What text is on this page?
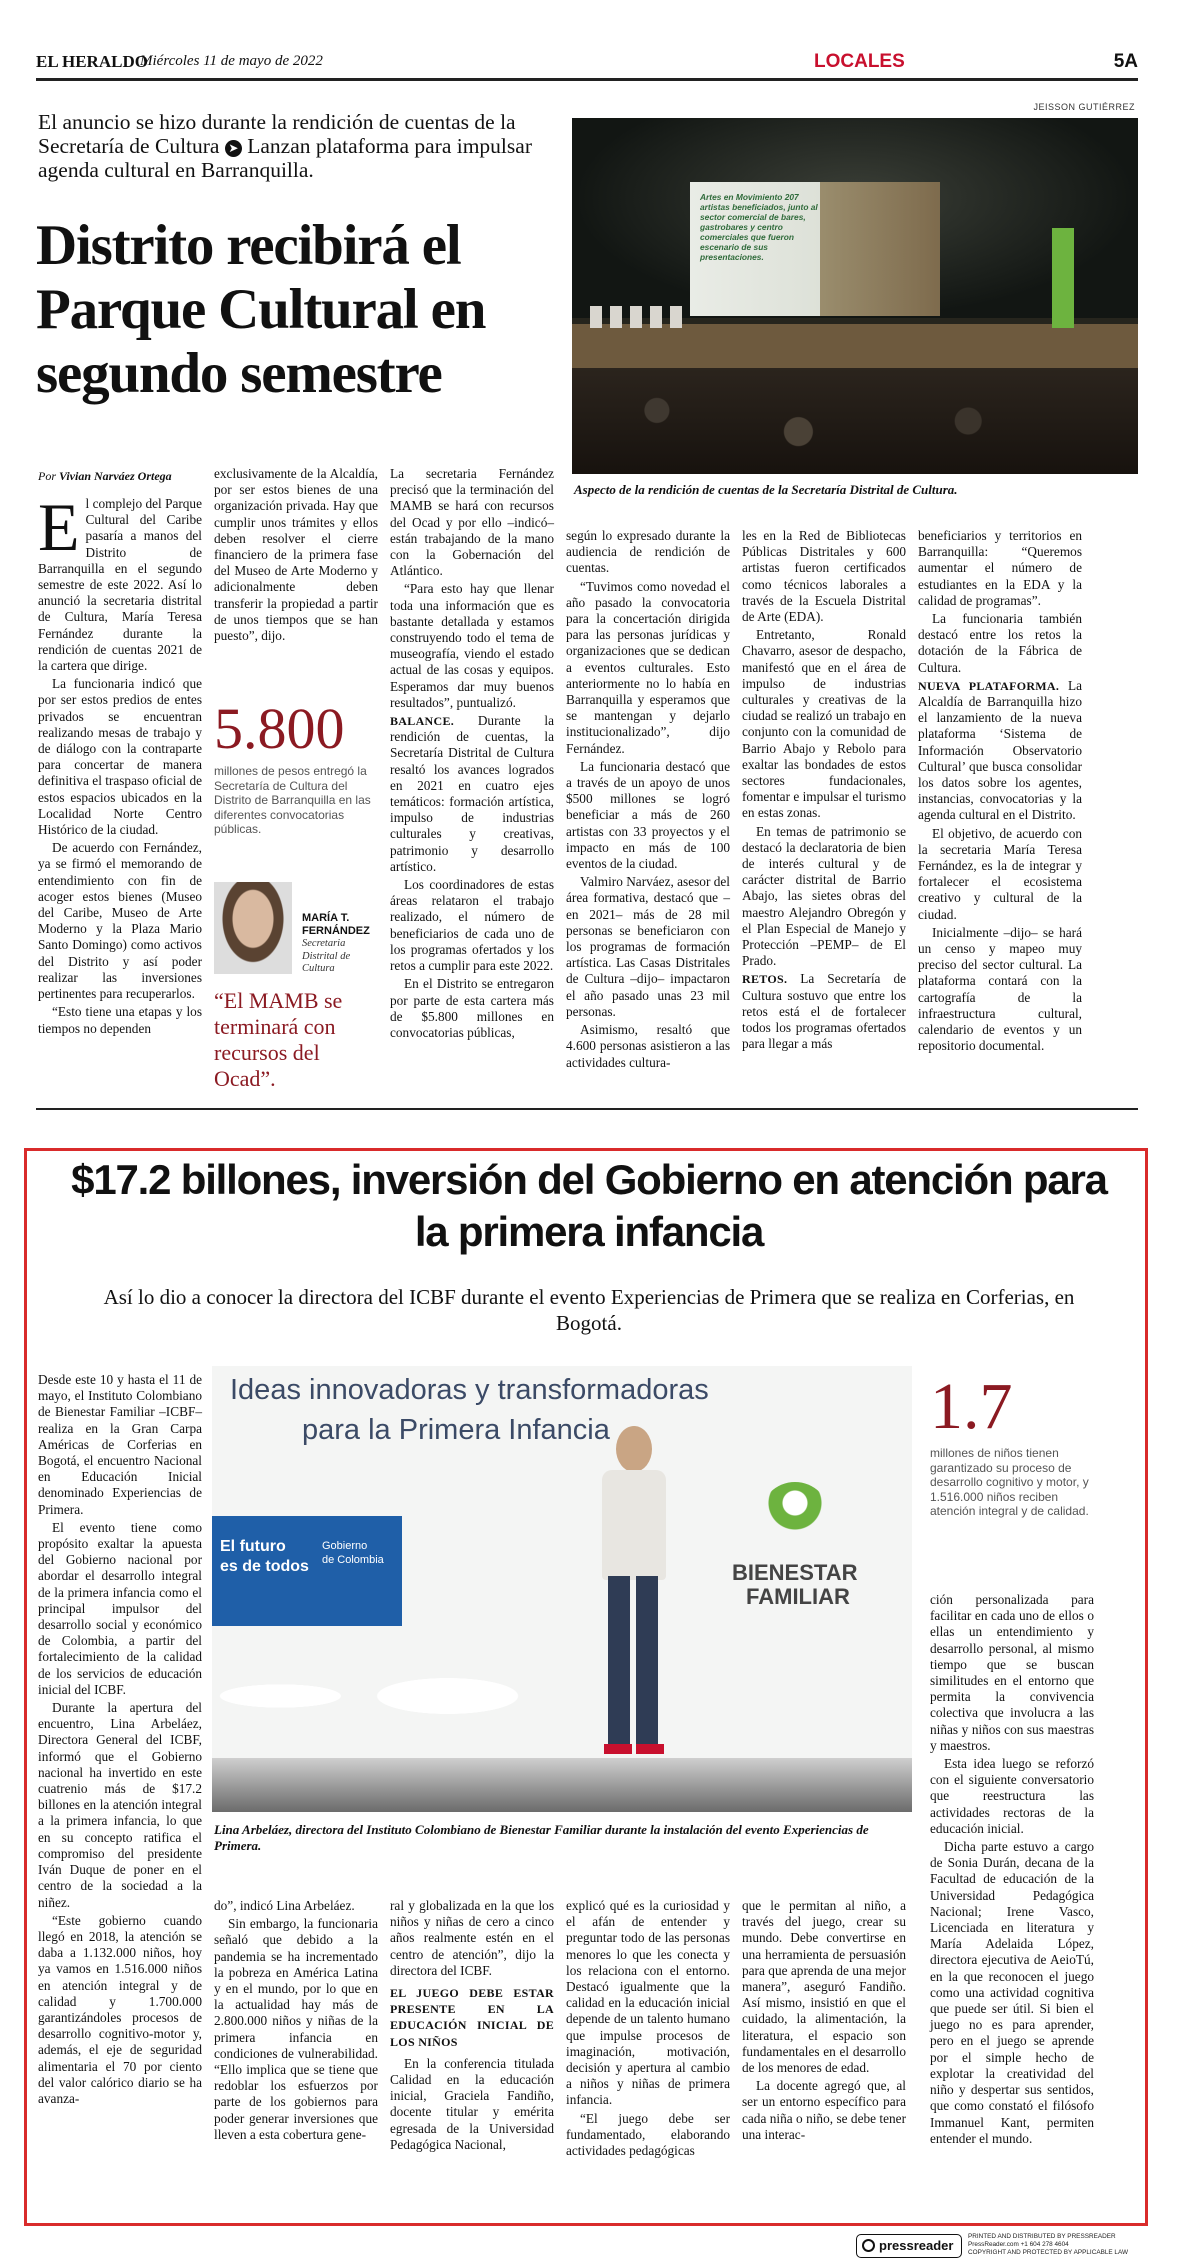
EL HERALDO
Miércoles 11 de mayo de 2022	LOCALES	5A
El anuncio se hizo durante la rendición de cuentas de la Secretaría de Cultura ➤ Lanzan plataforma para impulsar agenda cultural en Barranquilla.
Distrito recibirá el Parque Cultural en segundo semestre
JEISSON GUTIÉRREZ
Artes en Movimiento 207 artistas beneficiados, junto al sector comercial de bares, gastrobares y centro comerciales que fueron escenario de sus presentaciones.
Aspecto de la rendición de cuentas de la Secretaría Distrital de Cultura.
Por Vivian Narváez Ortega
E l complejo del Parque Cultural del Caribe pasaría a manos del Distrito de Barranquilla en el segundo semestre de este 2022. Así lo anunció la secretaria distrital de Cultura, María Teresa Fernández durante la rendición de cuentas 2021 de la cartera que dirige.

La funcionaria indicó que por ser estos predios de entes privados se encuentran realizando mesas de trabajo y de diálogo con la contraparte para concertar de manera definitiva el traspaso oficial de estos espacios ubicados en la Localidad Norte Centro Histórico de la ciudad.

De acuerdo con Fernández, ya se firmó el memorando de entendimiento con fin de acoger estos bienes (Museo del Caribe, Museo de Arte Moderno y la Plaza Mario Santo Domingo) como activos del Distrito y así poder realizar las inversiones pertinentes para recuperarlos.

“Esto tiene una etapas y los tiempos no dependen

exclusivamente de la Alcaldía, por ser estos bienes de una organización privada. Hay que cumplir unos trámites y ellos deben resolver el cierre financiero de la primera fase del Museo de Arte Moderno y adicionalmente deben transferir la propiedad a partir de unos tiempos que se han puesto”, dijo.

5.800
millones de pesos entregó la Secretaría de Cultura del Distrito de Barranquilla en las diferentes convocatorias públicas.
MARÍA T. FERNÁNDEZ
Secretaria Distrital de Cultura
“El MAMB se terminará con recursos del Ocad”.

La secretaria Fernández precisó que la terminación del MAMB se hará con recursos del Ocad y por ello –indicó– están trabajando de la mano con la Gobernación del Atlántico.

“Para esto hay que llenar toda una información que es bastante detallada y estamos construyendo todo el tema de museografía, viendo el estado actual de las cosas y equipos. Esperamos dar muy buenos resultados”, puntualizó.

BALANCE. Durante la rendición de cuentas, la Secretaría Distrital de Cultura resaltó los avances logrados en 2021 en cuatro ejes temáticos: formación artística, impulso de industrias culturales y creativas, patrimonio y desarrollo artístico.

Los coordinadores de estas áreas relataron el trabajo realizado, el número de beneficiarios de cada uno de los programas ofertados y los retos a cumplir para este 2022.

En el Distrito se entregaron por parte de esta cartera más de $5.800 millones en convocatorias públicas,

según lo expresado durante la audiencia de rendición de cuentas.

“Tuvimos como novedad el año pasado la convocatoria para la concertación dirigida para las personas jurídicas y organizaciones que se dedican a eventos culturales. Esto anteriormente no lo había en Barranquilla y esperamos que se mantengan y dejarlo institucionalizado”, dijo Fernández.

La funcionaria destacó que a través de un apoyo de unos $500 millones se logró beneficiar a más de 260 artistas con 33 proyectos y el impacto en más de 100 eventos de la ciudad.

Valmiro Narváez, asesor del área formativa, destacó que –en 2021– más de 28 mil personas se beneficiaron con los programas de formación artística. Las Casas Distritales de Cultura –dijo– impactaron el año pasado unas 23 mil personas.

Asimismo, resaltó que 4.600 personas asistieron a las actividades cultura-

les en la Red de Bibliotecas Públicas Distritales y 600 artistas fueron certificados como técnicos laborales a través de la Escuela Distrital de Arte (EDA).

Entretanto, Ronald Chavarro, asesor de despacho, manifestó que en el área de impulso de industrias culturales y creativas de la ciudad se realizó un trabajo en conjunto con la comunidad de Barrio Abajo y Rebolo para exaltar las bondades de estos sectores fundacionales, fomentar e impulsar el turismo en estas zonas.

En temas de patrimonio se destacó la declaratoria de bien de interés cultural y de carácter distrital de Barrio Abajo, las sietes obras del maestro Alejandro Obregón y el Plan Especial de Manejo y Protección –PEMP– de El Prado.

RETOS. La Secretaría de Cultura sostuvo que entre los retos está el de fortalecer todos los programas ofertados para llegar a más

beneficiarios y territorios en Barranquilla: “Queremos aumentar el número de estudiantes en la EDA y la calidad de programas”.

La funcionaria también destacó entre los retos la dotación de la Fábrica de Cultura.

NUEVA PLATAFORMA. La Alcaldía de Barranquilla hizo el lanzamiento de la nueva plataforma ‘Sistema de Información Observatorio Cultural’ que busca consolidar los datos sobre los agentes, instancias, convocatorias y la agenda cultural en el Distrito.

El objetivo, de acuerdo con la secretaria María Teresa Fernández, es la de integrar y fortalecer el ecosistema creativo y cultural de la ciudad.

Inicialmente –dijo– se hará un censo y mapeo muy preciso del sector cultural. La plataforma contará con la cartografía de la infraestructura cultural, calendario de eventos y un repositorio documental.

$17.2 billones, inversión del Gobierno en atención para la primera infancia
Así lo dio a conocer la directora del ICBF durante el evento Experiencias de Primera que se realiza en Corferias, en Bogotá.
Ideas innovadoras y transformadoras
para la Primera Infancia
El futuro
es de todos
Gobierno
de Colombia	BIENESTAR
FAMILIAR
Lina Arbeláez, directora del Instituto Colombiano de Bienestar Familiar durante la instalación del evento Experiencias de Primera.
1.7
millones de niños tienen garantizado su proceso de desarrollo cognitivo y motor, y 1.516.000 niños reciben atención integral y de calidad.

Desde este 10 y hasta el 11 de mayo, el Instituto Colombiano de Bienestar Familiar –ICBF– realiza en la Gran Carpa Américas de Corferias en Bogotá, el encuentro Nacional en Educación Inicial denominado Experiencias de Primera.

El evento tiene como propósito exaltar la apuesta del Gobierno nacional por abordar el desarrollo integral de la primera infancia como el principal impulsor del desarrollo social y económico de Colombia, a partir del fortalecimiento de la calidad de los servicios de educación inicial del ICBF.

Durante la apertura del encuentro, Lina Arbeláez, Directora General del ICBF, informó que el Gobierno nacional ha invertido en este cuatrenio más de $17.2 billones en la atención integral a la primera infancia, lo que en su concepto ratifica el compromiso del presidente Iván Duque de poner en el centro de la sociedad a la niñez.

“Este gobierno cuando llegó en 2018, la atención se daba a 1.132.000 niños, hoy ya vamos en 1.516.000 niños en atención integral y de calidad y 1.700.000 garantizándoles procesos de desarrollo cognitivo-motor y, además, el eje de seguridad alimentaria el 70 por ciento del valor calórico diario se ha avanza-

do”, indicó Lina Arbeláez.

Sin embargo, la funcionaria señaló que debido a la pandemia se ha incrementado la pobreza en América Latina y en el mundo, por lo que en la actualidad hay más de 2.800.000 niños y niñas de la primera infancia en condiciones de vulnerabilidad. “Ello implica que se tiene que redoblar los esfuerzos por parte de los gobiernos para poder generar inversiones que lleven a esta cobertura gene-

ral y globalizada en la que los niños y niñas de cero a cinco años realmente estén en el centro de atención”, dijo la directora del ICBF.

EL JUEGO DEBE ESTAR PRESENTE EN LA EDUCACIÓN INICIAL DE LOS NIÑOS

En la conferencia titulada Calidad en la educación inicial, Graciela Fandiño, docente titular y emérita egresada de la Universidad Pedagógica Nacional,

explicó qué es la curiosidad y el afán de entender y preguntar todo de las personas menores lo que les conecta y los relaciona con el entorno. Destacó igualmente que la calidad en la educación inicial depende de un talento humano que impulse procesos de imaginación, motivación, decisión y apertura al cambio a niños y niñas de primera infancia.

“El juego debe ser fundamentado, elaborando actividades pedagógicas

que le permitan al niño, a través del juego, crear su mundo. Debe convertirse en una herramienta de persuasión para que aprenda de una mejor manera”, aseguró Fandiño. Así mismo, insistió en que el cuidado, la alimentación, la literatura, el espacio son fundamentales en el desarrollo de los menores de edad.

La docente agregó que, al ser un entorno específico para cada niña o niño, se debe tener una interac-

ción personalizada para facilitar en cada uno de ellos o ellas un entendimiento y desarrollo personal, al mismo tiempo que se buscan similitudes en el entorno que permita la convivencia colectiva que involucra a las niñas y niños con sus maestras y maestros.

Esta idea luego se reforzó con el siguiente conversatorio que reestructura las actividades rectoras de la educación inicial.

Dicha parte estuvo a cargo de Sonia Durán, decana de la Facultad de educación de la Universidad Pedagógica Nacional; Irene Vasco, Licenciada en literatura y María Adelaida López, directora ejecutiva de AeioTú, en la que reconocen el juego como una actividad cognitiva que puede ser útil. Si bien el juego no es para aprender, pero en el juego se aprende por el simple hecho de explotar la creatividad del niño y despertar sus sentidos, que como constató el filósofo Immanuel Kant, permiten entender el mundo.

pressreader
PRINTED AND DISTRIBUTED BY PRESSREADER
PressReader.com +1 604 278 4604
COPYRIGHT AND PROTECTED BY APPLICABLE LAW
